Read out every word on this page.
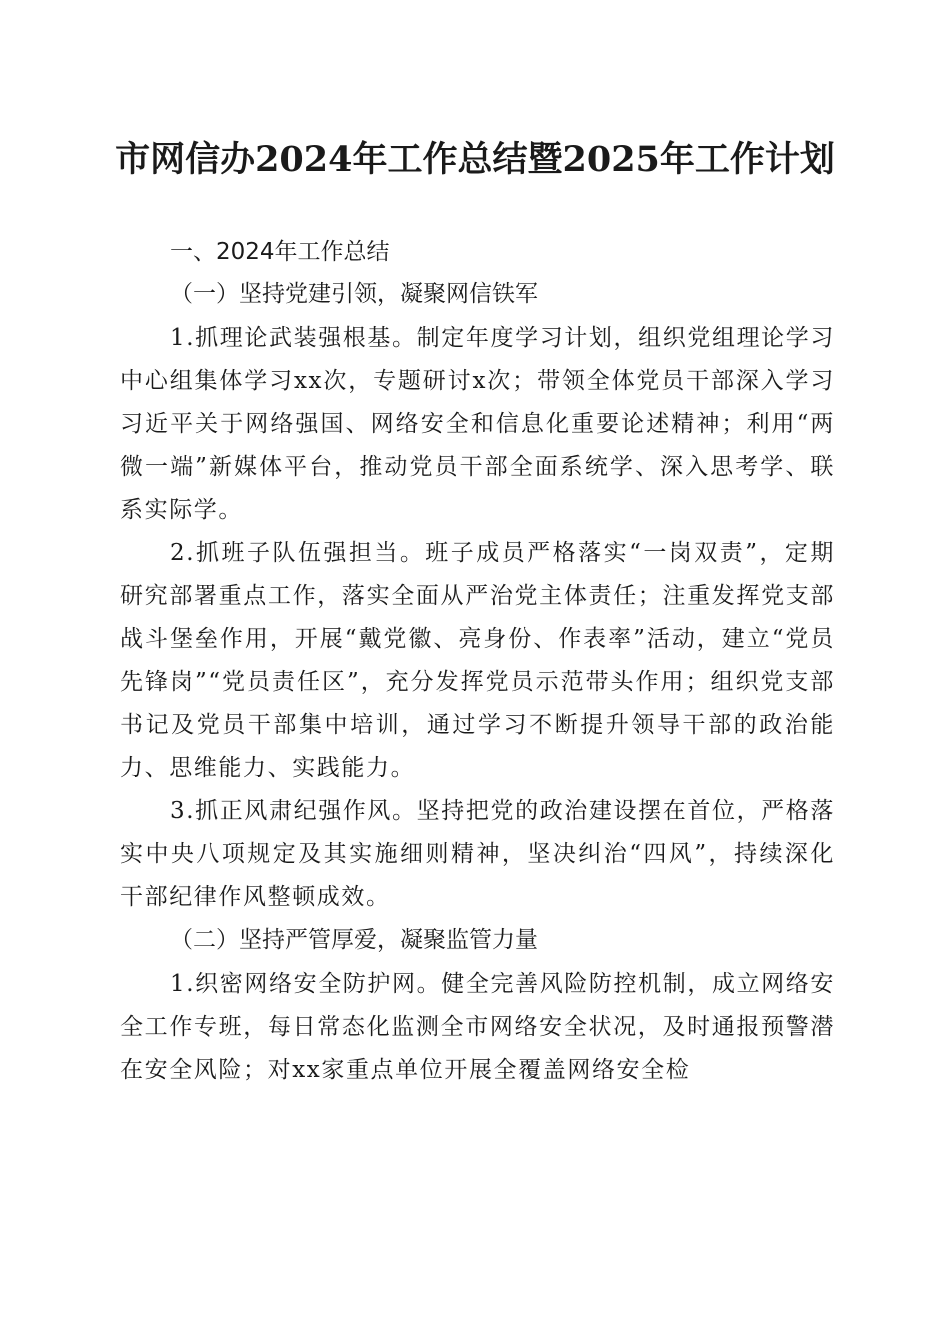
市网信办2024年工作总结暨2025年工作计划

一、2024年工作总结

（一）坚持党建引领，凝聚网信铁军

1.抓理论武装强根基。制定年度学习计划，组织党组理论学习中心组集体学习xx次，专题研讨x次；带领全体党员干部深入学习习近平关于网络强国、网络安全和信息化重要论述精神；利用“两微一端”新媒体平台，推动党员干部全面系统学、深入思考学、联系实际学。

2.抓班子队伍强担当。班子成员严格落实“一岗双责”，定期研究部署重点工作，落实全面从严治党主体责任；注重发挥党支部战斗堡垒作用，开展“戴党徽、亮身份、作表率”活动，建立“党员先锋岗”“党员责任区”，充分发挥党员示范带头作用；组织党支部书记及党员干部集中培训，通过学习不断提升领导干部的政治能力、思维能力、实践能力。

3.抓正风肃纪强作风。坚持把党的政治建设摆在首位，严格落实中央八项规定及其实施细则精神，坚决纠治“四风”，持续深化干部纪律作风整顿成效。

（二）坚持严管厚爱，凝聚监管力量

1.织密网络安全防护网。健全完善风险防控机制，成立网络安全工作专班，每日常态化监测全市网络安全状况，及时通报预警潜在安全风险；对xx家重点单位开展全覆盖网络安全检
